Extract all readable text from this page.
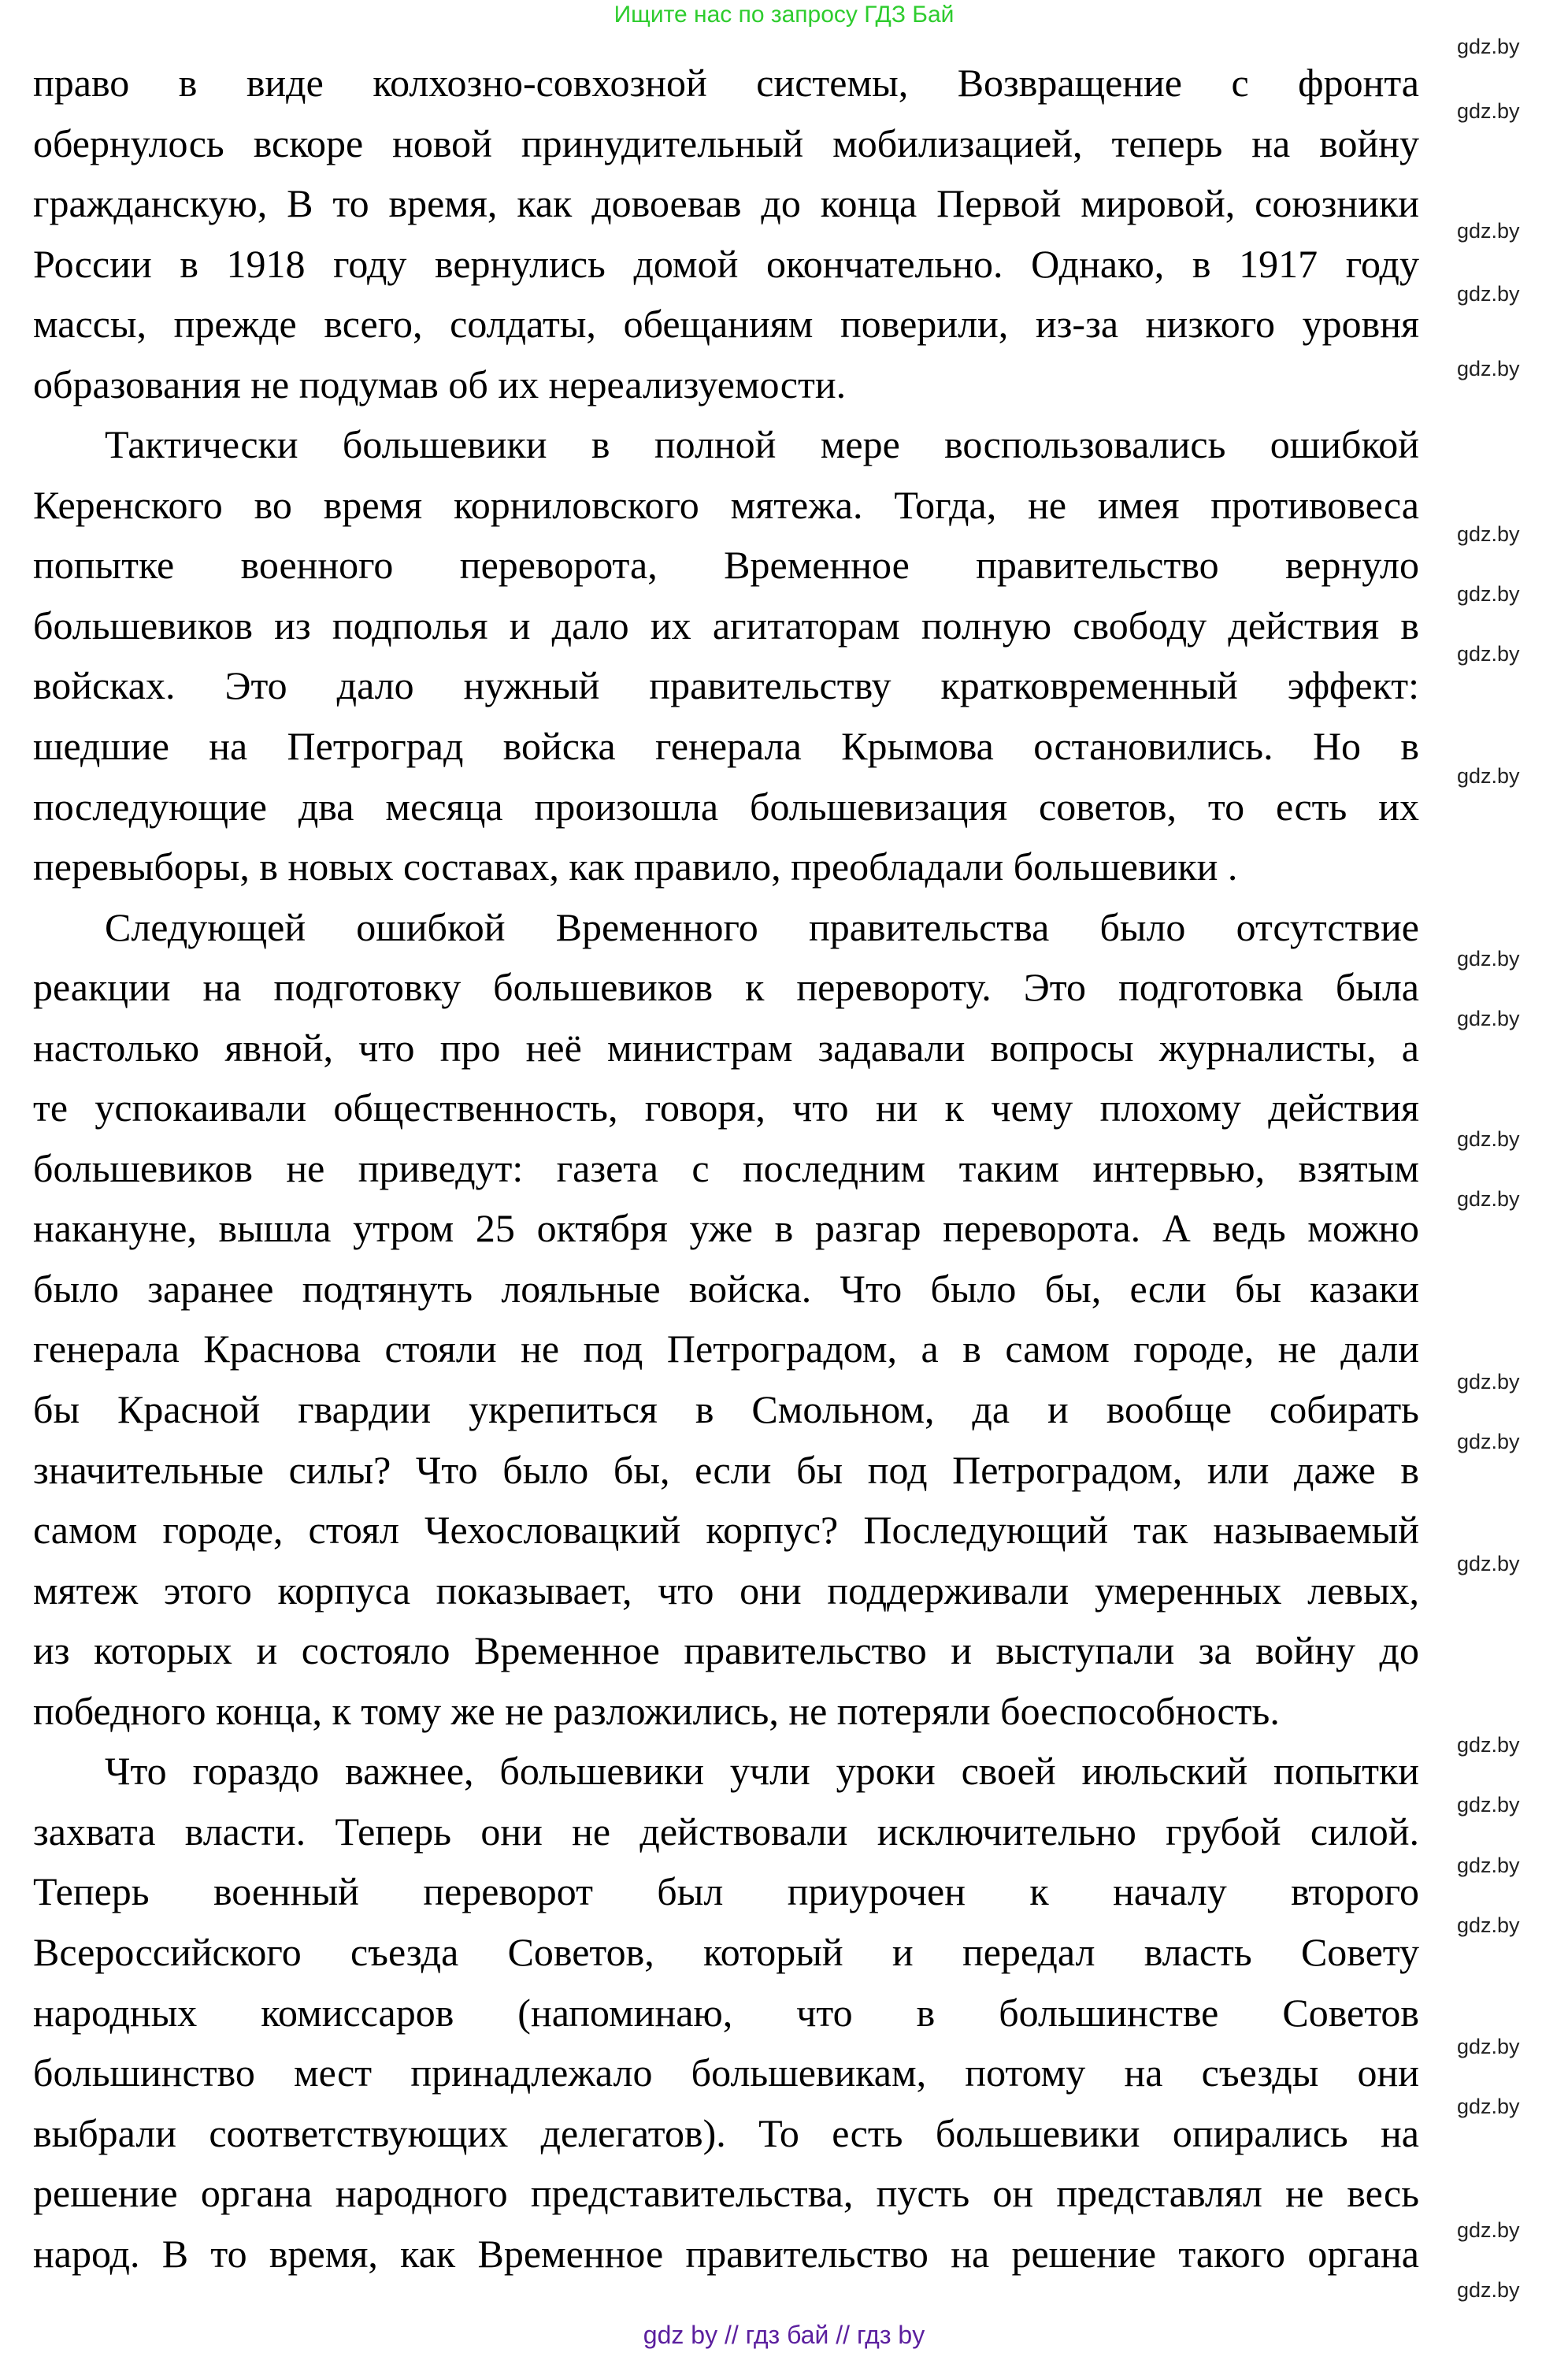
Ищите нас по запросу ГДЗ Бай
право в виде колхозно-совхозной системы, Возвращение с фронта
обернулось вскоре новой принудительный мобилизацией, теперь на войну
гражданскую, В то время, как довоевав до конца Первой мировой, союзники
России в 1918 году вернулись домой окончательно. Однако, в 1917 году
массы, прежде всего, солдаты, обещаниям поверили, из-за низкого уровня
образования не подумав об их нереализуемости.
Тактически большевики в полной мере воспользовались ошибкой
Керенского во время корниловского мятежа. Тогда, не имея противовеса
попытке военного переворота, Временное правительство вернуло
большевиков из подполья и дало их агитаторам полную свободу действия в
войсках. Это дало нужный правительству кратковременный эффект:
шедшие на Петроград войска генерала Крымова остановились. Но в
последующие два месяца произошла большевизация советов, то есть их
перевыборы, в новых составах, как правило, преобладали большевики .
Следующей ошибкой Временного правительства было отсутствие
реакции на подготовку большевиков к перевороту. Это подготовка была
настолько явной, что про неё министрам задавали вопросы журналисты, а
те успокаивали общественность, говоря, что ни к чему плохому действия
большевиков не приведут: газета с последним таким интервью, взятым
накануне, вышла утром 25 октября уже в разгар переворота. А ведь можно
было заранее подтянуть лояльные войска. Что было бы, если бы казаки
генерала Краснова стояли не под Петроградом, а в самом городе, не дали
бы Красной гвардии укрепиться в Смольном, да и вообще собирать
значительные силы? Что было бы, если бы под Петроградом, или даже в
самом городе, стоял Чехословацкий корпус? Последующий так называемый
мятеж этого корпуса показывает, что они поддерживали умеренных левых,
из которых и состояло Временное правительство и выступали за войну до
победного конца, к тому же не разложились, не потеряли боеспособность.
Что гораздо важнее, большевики учли уроки своей июльский попытки
захвата власти. Теперь они не действовали исключительно грубой силой.
Теперь военный переворот был приурочен к началу второго
Всероссийского съезда Советов, который и передал власть Совету
народных комиссаров (напоминаю, что в большинстве Советов
большинство мест принадлежало большевикам, потому на съезды они
выбрали соответствующих делегатов). То есть большевики опирались на
решение органа народного представительства, пусть он представлял не весь
народ. В то время, как Временное правительство на решение такого органа
gdz.by
gdz.by
gdz.by
gdz.by
gdz.by
gdz.by
gdz.by
gdz.by
gdz.by
gdz.by
gdz.by
gdz.by
gdz.by
gdz.by
gdz.by
gdz.by
gdz.by
gdz.by
gdz.by
gdz.by
gdz.by
gdz.by
gdz.by
gdz.by
gdz by // гдз бай // гдз by
